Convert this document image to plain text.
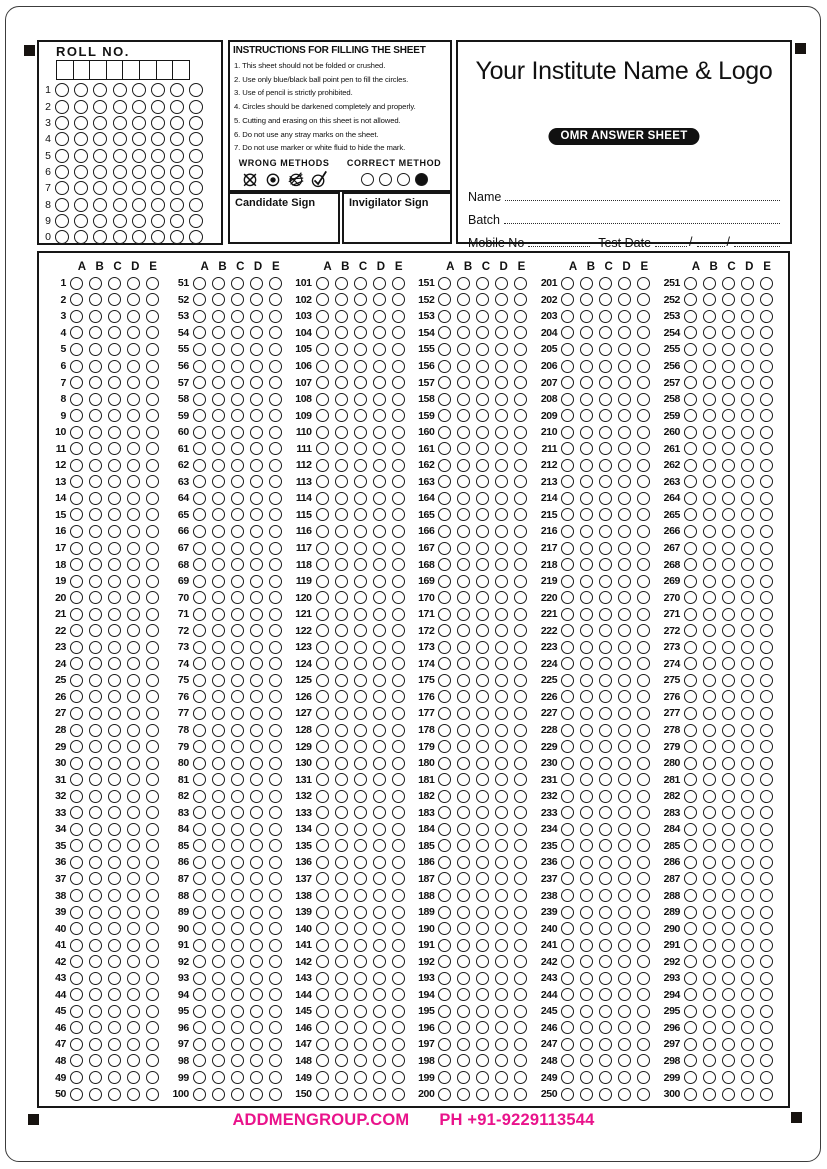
ROLL NO.
1
2
3
4
5
6
7
8
9
0
INSTRUCTIONS FOR FILLING THE SHEET
1. This sheet should not be folded or crushed.
2. Use only blue/black ball point pen to fill the circles.
3. Use of pencil is strictly prohibited.
4. Circles should be darkened completely and properly.
5. Cutting and erasing on this sheet is not allowed.
6. Do not use any stray marks on the sheet.
7. Do not use marker or white fluid to hide the mark.
WRONG METHODS CORRECT METHOD
Candidate Sign	Invigilator Sign
Your Institute Name & Logo
OMR ANSWER SHEET
Name
Batch
Mobile No	Test Date	/	/
A B C D E
1
2
3
4
5
6
7
8
9
10
11
12
13
14
15
16
17
18
19
20
21
22
23
24
25
26
27
28
29
30
31
32
33
34
35
36
37
38
39
40
41
42
43
44
45
46
47
48
49
50
A B C D E
51
52
53
54
55
56
57
58
59
60
61
62
63
64
65
66
67
68
69
70
71
72
73
74
75
76
77
78
79
80
81
82
83
84
85
86
87
88
89
90
91
92
93
94
95
96
97
98
99
100
A B C D E
101
102
103
104
105
106
107
108
109
110
111
112
113
114
115
116
117
118
119
120
121
122
123
124
125
126
127
128
129
130
131
132
133
134
135
136
137
138
139
140
141
142
143
144
145
146
147
148
149
150
A B C D E
151
152
153
154
155
156
157
158
159
160
161
162
163
164
165
166
167
168
169
170
171
172
173
174
175
176
177
178
179
180
181
182
183
184
185
186
187
188
189
190
191
192
193
194
195
196
197
198
199
200
A B C D E
201
202
203
204
205
206
207
208
209
210
211
212
213
214
215
216
217
218
219
220
221
222
223
224
225
226
227
228
229
230
231
232
233
234
235
236
237
238
239
240
241
242
243
244
245
246
247
248
249
250
A B C D E
251
252
253
254
255
256
257
258
259
260
261
262
263
264
265
266
267
268
269
270
271
272
273
274
275
276
277
278
279
280
281
282
283
284
285
286
287
288
289
290
291
292
293
294
295
296
297
298
299
300
ADDMENGROUP.COM PH +91-9229113544
